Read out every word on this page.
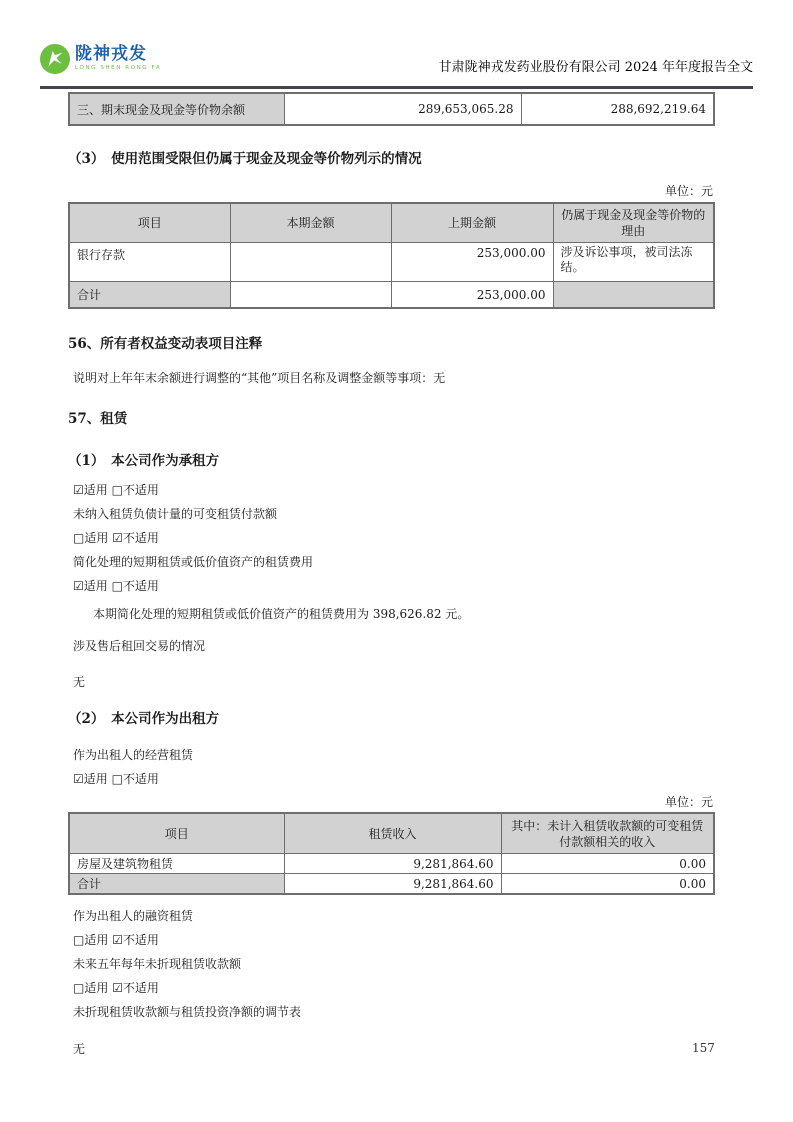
陇神戎发
LONG SHEN RONG FA	甘肃陇神戎发药业股份有限公司 2024 年年度报告全文
三、期末现金及现金等价物余额	289,653,065.28	288,692,219.64

（3）　使用范围受限但仍属于现金及现金等价物列示的情况

单位：元
项目	本期金额	上期金额	仍属于现金及现金等价物的理由
银行存款		253,000.00	涉及诉讼事项，被司法冻结。
合计		253,000.00	

56、所有者权益变动表项目注释

说明对上年年末余额进行调整的“其他”项目名称及调整金额等事项：无

57、租赁

（1）　本公司作为承租方

☑适用 □不适用
未纳入租赁负债计量的可变租赁付款额
□适用 ☑不适用
简化处理的短期租赁或低价值资产的租赁费用
☑适用 □不适用
本期简化处理的短期租赁或低价值资产的租赁费用为 398,626.82 元。
涉及售后租回交易的情况
无

（2）　本公司作为出租方

作为出租人的经营租赁
☑适用 □不适用
单位：元
项目	租赁收入	其中：未计入租赁收款额的可变租赁付款额相关的收入
房屋及建筑物租赁	9,281,864.60	0.00
合计	9,281,864.60	0.00
作为出租人的融资租赁
□适用 ☑不适用
未来五年每年未折现租赁收款额
□适用 ☑不适用
未折现租赁收款额与租赁投资净额的调节表
无	157
